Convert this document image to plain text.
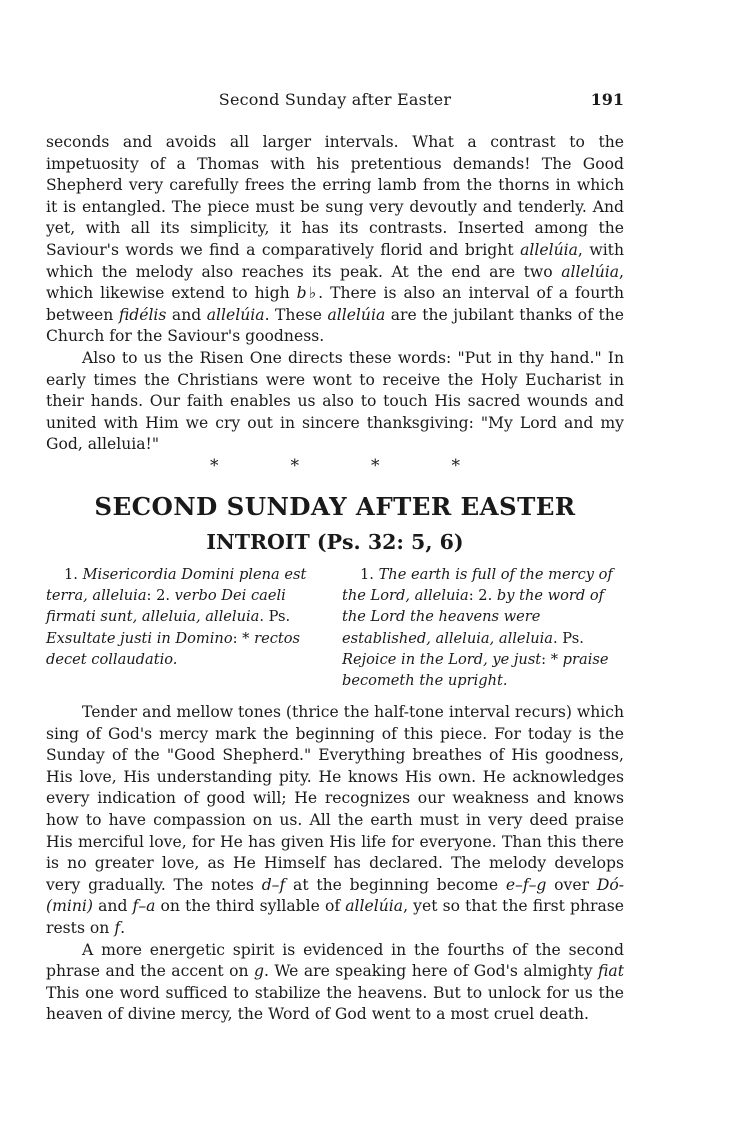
Second Sunday after Easter	191

seconds and avoids all larger intervals. What a contrast to the impetuosity of a Thomas with his pretentious demands! The Good Shepherd very carefully frees the erring lamb from the thorns in which it is entangled. The piece must be sung very devoutly and tenderly. And yet, with all its simplicity, it has its contrasts. Inserted among the Saviour's words we find a comparatively florid and bright allelúia, with which the melody also reaches its peak. At the end are two allelúia, which likewise extend to high b♭. There is also an interval of a fourth between fidélis and allelúia. These allelúia are the jubilant thanks of the Church for the Saviour's goodness.

Also to us the Risen One directs these words: "Put in thy hand." In early times the Christians were wont to receive the Holy Eucharist in their hands. Our faith enables us also to touch His sacred wounds and united with Him we cry out in sincere thanksgiving: "My Lord and my God, alleluia!"

*	*	*	*
SECOND SUNDAY AFTER EASTER
INTROIT (Ps. 32: 5, 6)

1. Misericordia Domini plena est terra, alleluia: 2. verbo Dei caeli firmati sunt, alleluia, alleluia. Ps. Exsultate justi in Domino: * rectos decet collaudatio.

1. The earth is full of the mercy of the Lord, alleluia: 2. by the word of the Lord the heavens were established, alleluia, alleluia. Ps. Rejoice in the Lord, ye just: * praise becometh the upright.

Tender and mellow tones (thrice the half-tone interval recurs) which sing of God's mercy mark the beginning of this piece. For today is the Sunday of the "Good Shepherd." Everything breathes of His goodness, His love, His understanding pity. He knows His own. He acknowledges every indication of good will; He recognizes our weakness and knows how to have compassion on us. All the earth must in very deed praise His merciful love, for He has given His life for everyone. Than this there is no greater love, as He Himself has declared. The melody develops very gradually. The notes d–f at the beginning become e–f–g over Dó-(mini) and f–a on the third syllable of allelúia, yet so that the first phrase rests on f.

A more energetic spirit is evidenced in the fourths of the second phrase and the accent on g. We are speaking here of God's almighty fiat This one word sufficed to stabilize the heavens. But to unlock for us the heaven of divine mercy, the Word of God went to a most cruel death.
